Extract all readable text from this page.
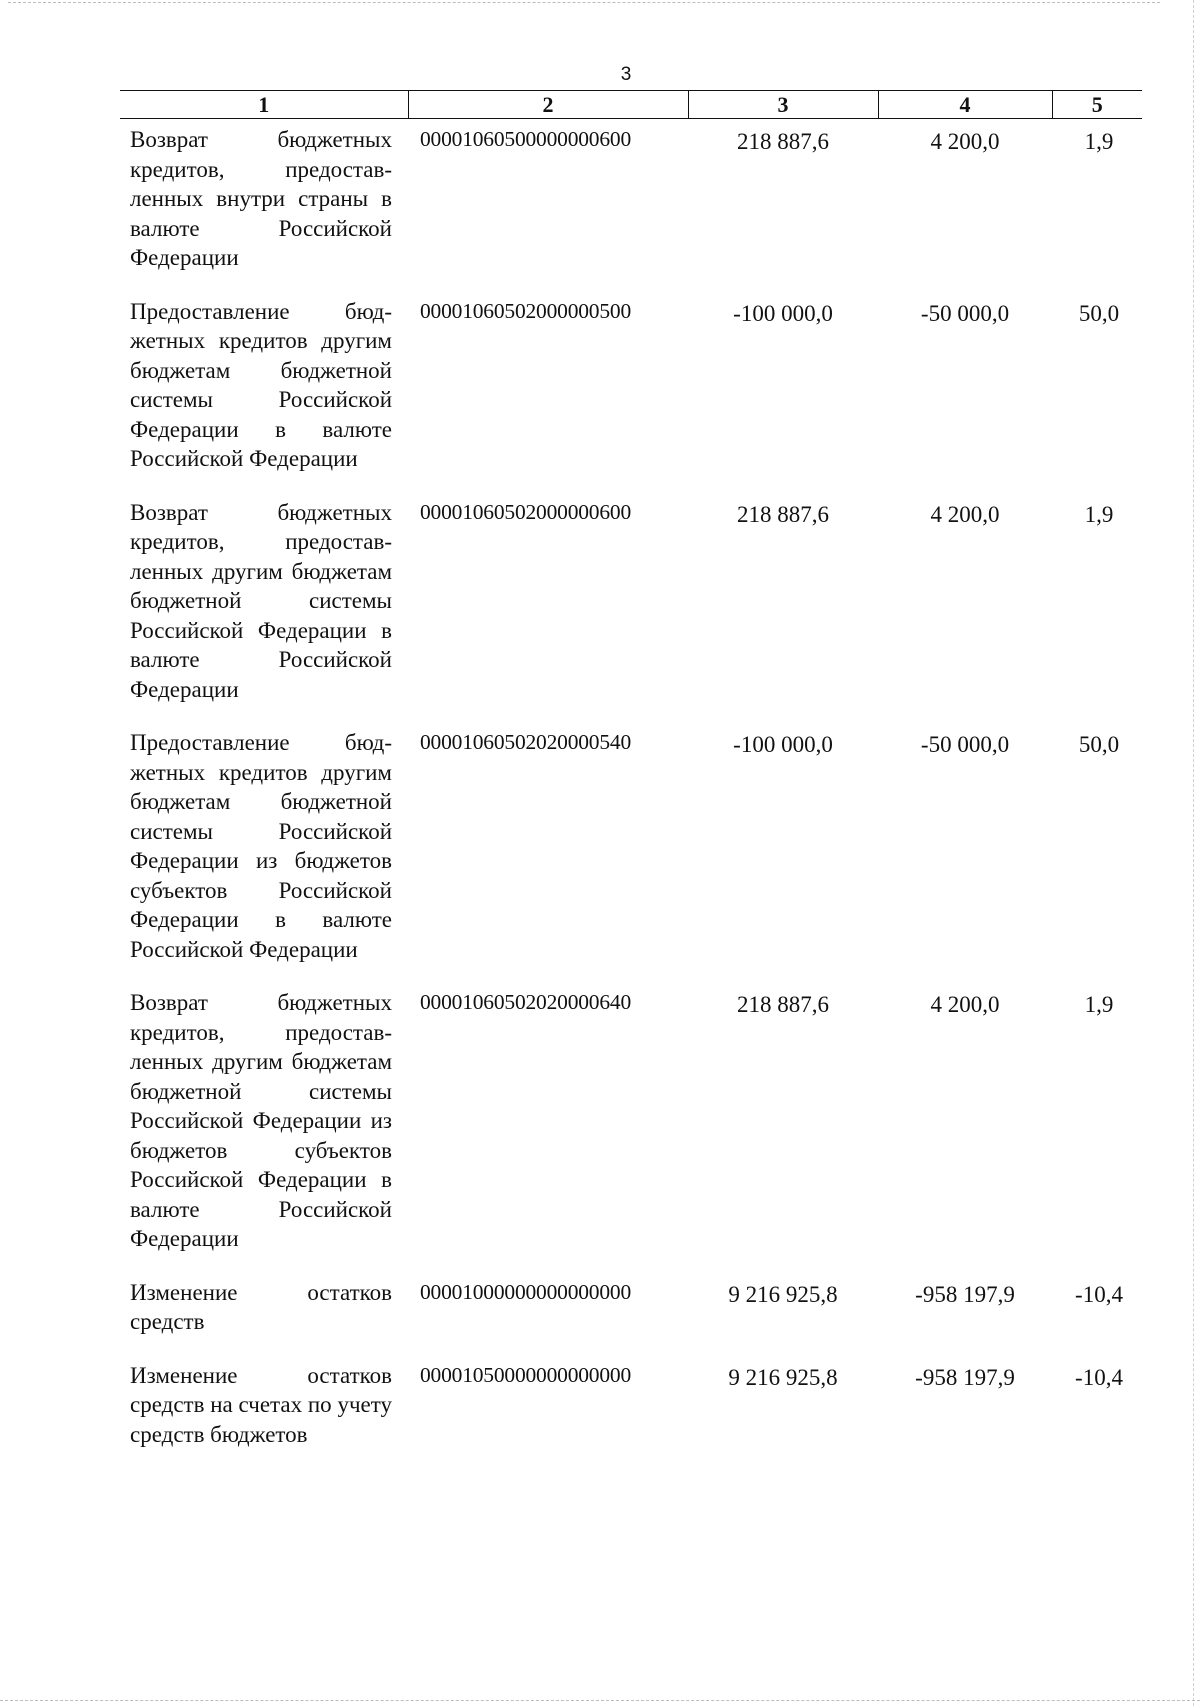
3
1	2	3	4	5
Возврат бюджетных кредитов, предоставленных внутри страны в валюте Российской Федерации	00001060500000000600	218 887,6	4 200,0	1,9
Предоставление бюджетных кредитов другим бюджетам бюджетной системы Российской Федерации в валюте Российской Федерации	00001060502000000500	-100 000,0	-50 000,0	50,0
Возврат бюджетных кредитов, предоставленных другим бюджетам бюджетной системы Российской Федерации в валюте Российской Федерации	00001060502000000600	218 887,6	4 200,0	1,9
Предоставление бюджетных кредитов другим бюджетам бюджетной системы Российской Федерации из бюджетов субъектов Российской Федерации в валюте Российской Федерации	00001060502020000540	-100 000,0	-50 000,0	50,0
Возврат бюджетных кредитов, предоставленных другим бюджетам бюджетной системы Российской Федерации из бюджетов субъектов Российской Федерации в валюте Российской Федерации	00001060502020000640	218 887,6	4 200,0	1,9
Изменение остатков средств	00001000000000000000	9 216 925,8	-958 197,9	-10,4
Изменение остатков средств на счетах по учету средств бюджетов	00001050000000000000	9 216 925,8	-958 197,9	-10,4
